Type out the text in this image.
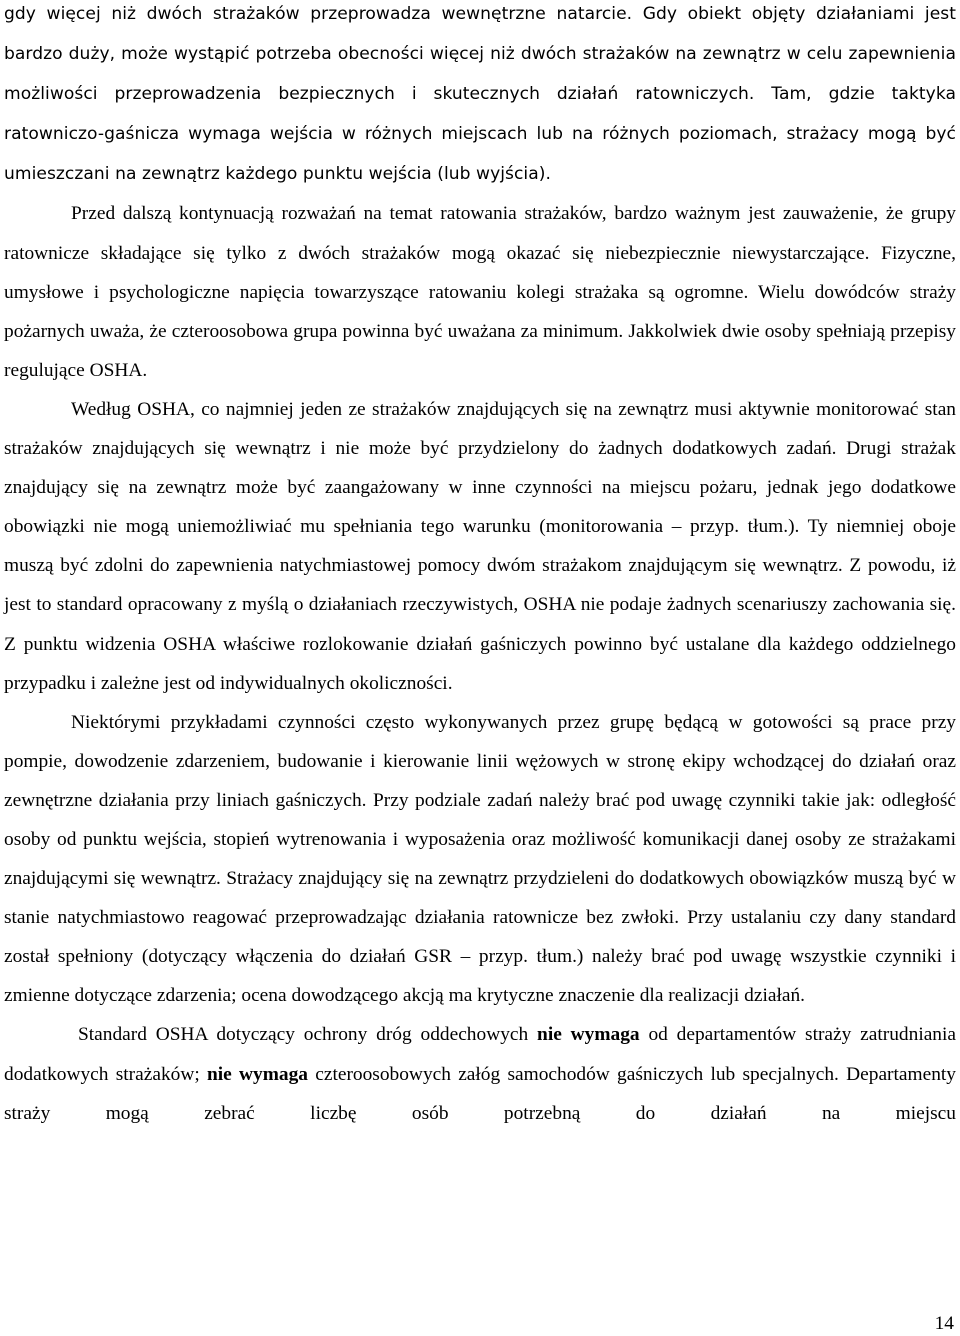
gdy więcej niż dwóch strażaków przeprowadza wewnętrzne natarcie. Gdy obiekt objęty działaniami jest bardzo duży, może wystąpić potrzeba obecności więcej niż dwóch strażaków na zewnątrz w celu zapewnienia możliwości przeprowadzenia bezpiecznych i skutecznych działań ratowniczych. Tam, gdzie taktyka ratowniczo-gaśnicza wymaga wejścia w różnych miejscach lub na różnych poziomach, strażacy mogą być umieszczani na zewnątrz każdego punktu wejścia (lub wyjścia).

Przed dalszą kontynuacją rozważań na temat ratowania strażaków, bardzo ważnym jest zauważenie, że grupy ratownicze składające się tylko z dwóch strażaków mogą okazać się niebezpiecznie niewystarczające. Fizyczne, umysłowe i psychologiczne napięcia towarzyszące ratowaniu kolegi strażaka są ogromne. Wielu dowódców straży pożarnych uważa, że czteroosobowa grupa powinna być uważana za minimum. Jakkolwiek dwie osoby spełniają przepisy regulujące OSHA.

Według OSHA, co najmniej jeden ze strażaków znajdujących się na zewnątrz musi aktywnie monitorować stan strażaków znajdujących się wewnątrz i nie może być przydzielony do żadnych dodatkowych zadań. Drugi strażak znajdujący się na zewnątrz może być zaangażowany w inne czynności na miejscu pożaru, jednak jego dodatkowe obowiązki nie mogą uniemożliwiać mu spełniania tego warunku (monitorowania – przyp. tłum.). Ty niemniej oboje muszą być zdolni do zapewnienia natychmiastowej pomocy dwóm strażakom znajdującym się wewnątrz. Z powodu, iż jest to standard opracowany z myślą o działaniach rzeczywistych, OSHA nie podaje żadnych scenariuszy zachowania się. Z punktu widzenia OSHA właściwe rozlokowanie działań gaśniczych powinno być ustalane dla każdego oddzielnego przypadku i zależne jest od indywidualnych okoliczności.

Niektórymi przykładami czynności często wykonywanych przez grupę będącą w gotowości są prace przy pompie, dowodzenie zdarzeniem, budowanie i kierowanie linii wężowych w stronę ekipy wchodzącej do działań oraz zewnętrzne działania przy liniach gaśniczych. Przy podziale zadań należy brać pod uwagę czynniki takie jak: odległość osoby od punktu wejścia, stopień wytrenowania i wyposażenia oraz możliwość komunikacji danej osoby ze strażakami znajdującymi się wewnątrz. Strażacy znajdujący się na zewnątrz przydzieleni do dodatkowych obowiązków muszą być w stanie natychmiastowo reagować przeprowadzając działania ratownicze bez zwłoki. Przy ustalaniu czy dany standard został spełniony (dotyczący włączenia do działań GSR – przyp. tłum.) należy brać pod uwagę wszystkie czynniki i zmienne dotyczące zdarzenia; ocena dowodzącego akcją ma krytyczne znaczenie dla realizacji działań.

Standard OSHA dotyczący ochrony dróg oddechowych nie wymaga od departamentów straży zatrudniania dodatkowych strażaków; nie wymaga czteroosobowych załóg samochodów gaśniczych lub specjalnych. Departamenty straży mogą zebrać liczbę osób potrzebną do działań na miejscu

14
